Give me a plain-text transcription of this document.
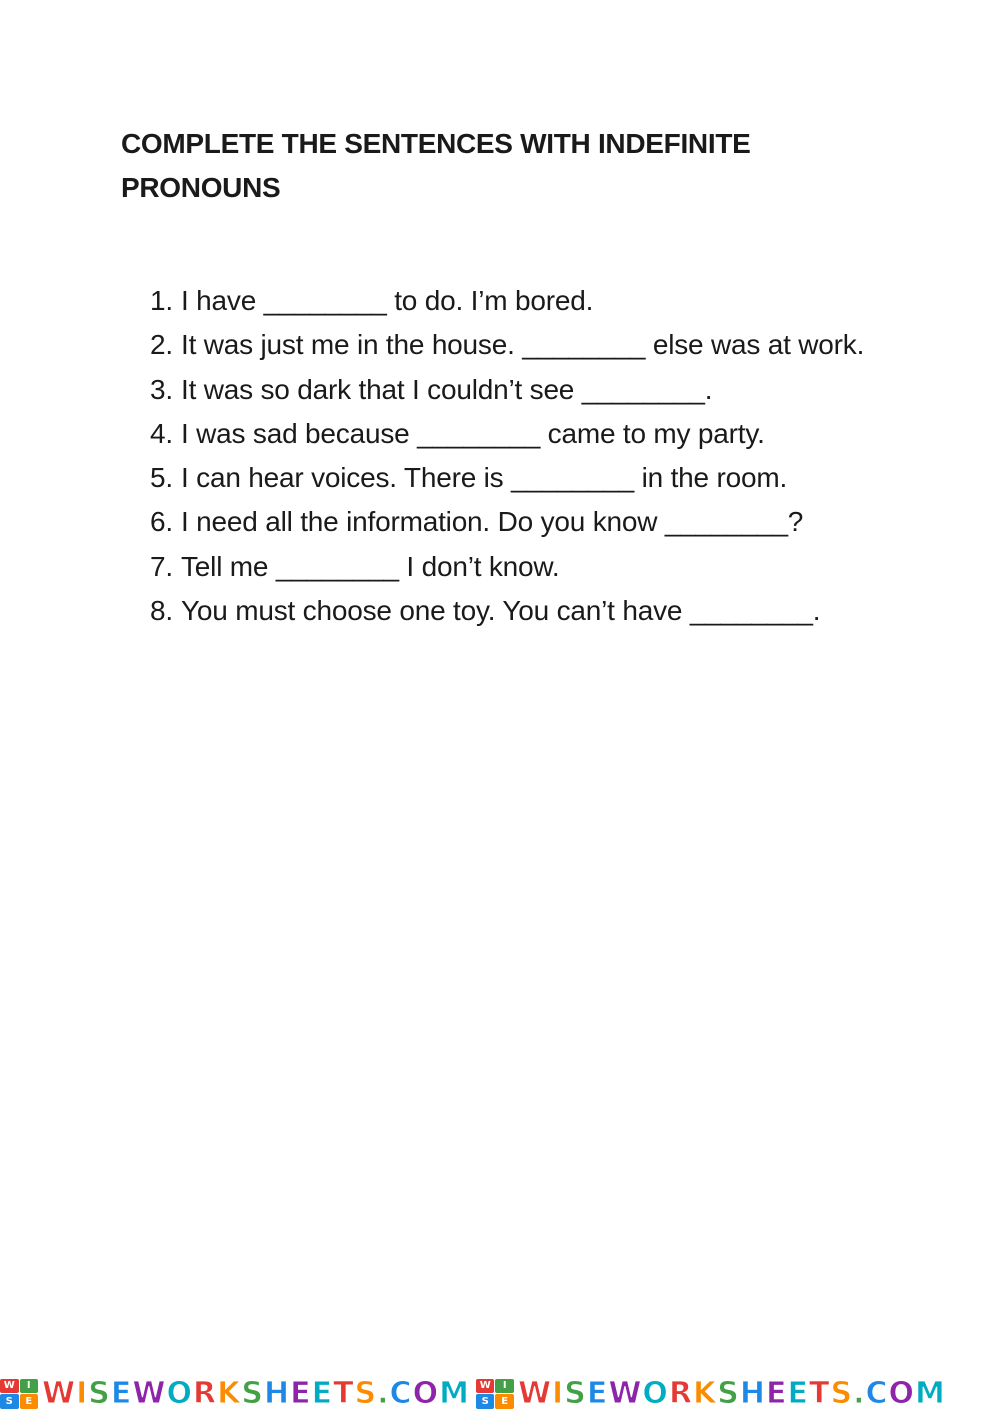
COMPLETE THE SENTENCES WITH INDEFINITE
PRONOUNS
1. I have ________ to do. I’m bored.
2. It was just me in the house. ________ else was at work.
3. It was so dark that I couldn’t see ________.
4. I was sad because ________ came to my party.
5. I can hear voices. There is ________ in the room.
6. I need all the information. Do you know ________?
7. Tell me ________ I don’t know.
8. You must choose one toy. You can’t have ________.
W	I
S	E WISEWORKSHEETS.COM W	I
S	E WISEWORKSHEETS.COM
